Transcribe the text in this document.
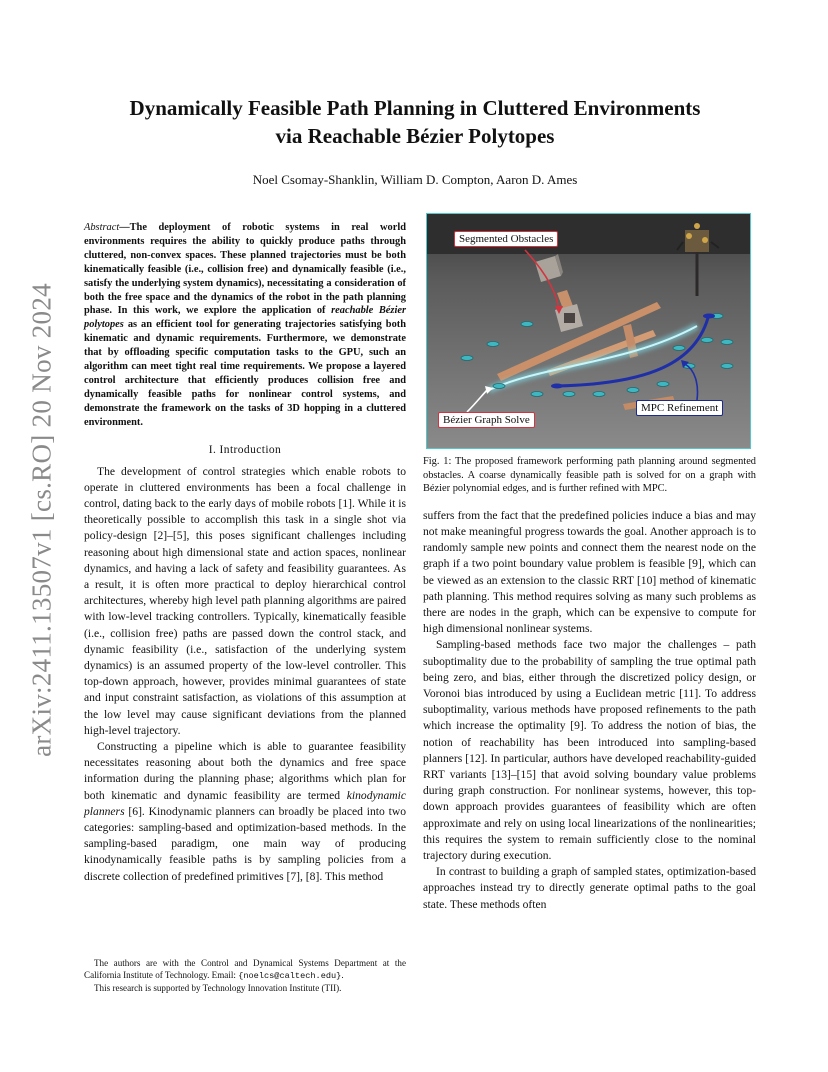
arXiv:2411.13507v1 [cs.RO] 20 Nov 2024
Dynamically Feasible Path Planning in Cluttered Environments
via Reachable Bézier Polytopes
Noel Csomay-Shanklin, William D. Compton, Aaron D. Ames

Abstract—The deployment of robotic systems in real world environments requires the ability to quickly produce paths through cluttered, non-convex spaces. These planned trajectories must be both kinematically feasible (i.e., collision free) and dynamically feasible (i.e., satisfy the underlying system dynamics), necessitating a consideration of both the free space and the dynamics of the robot in the path planning phase. In this work, we explore the application of reachable Bézier polytopes as an efficient tool for generating trajectories satisfying both kinematic and dynamic requirements. Furthermore, we demonstrate that by offloading specific computation tasks to the GPU, such an algorithm can meet tight real time requirements. We propose a layered control architecture that efficiently produces collision free and dynamically feasible paths for nonlinear control systems, and demonstrate the framework on the tasks of 3D hopping in a cluttered environment.

I. Introduction

The development of control strategies which enable robots to operate in cluttered environments has been a focal challenge in control, dating back to the early days of mobile robots [1]. While it is theoretically possible to accomplish this task in a single shot via policy-design [2]–[5], this poses significant challenges including reasoning about high dimensional state and action spaces, nonlinear dynamics, and having a lack of safety and feasibility guarantees. As a result, it is often more practical to deploy hierarchical control architectures, whereby high level path planning algorithms are paired with low-level tracking controllers. Typically, kinematically feasible (i.e., collision free) paths are passed down the control stack, and dynamic feasibility (i.e., satisfaction of the underlying system dynamics) is an assumed property of the low-level controller. This top-down approach, however, provides minimal guarantees of state and input constraint satisfaction, as violations of this assumption at the low level may cause significant deviations from the planned high-level trajectory.

Constructing a pipeline which is able to guarantee feasibility necessitates reasoning about both the dynamics and free space information during the planning phase; algorithms which plan for both kinematic and dynamic feasibility are termed kinodynamic planners [6]. Kinodynamic planners can broadly be placed into two categories: sampling-based and optimization-based methods. In the sampling-based paradigm, one main way of producing kinodynamically feasible paths is by sampling policies from a discrete collection of predefined primitives [7], [8]. This method

The authors are with the Control and Dynamical Systems Department at the California Institute of Technology. Email: {noelcs@caltech.edu}.

This research is supported by Technology Innovation Institute (TII).

Segmented Obstacles
Bézier Graph Solve
MPC Refinement

Fig. 1: The proposed framework performing path planning around segmented obstacles. A coarse dynamically feasible path is solved for on a graph with Bézier polynomial edges, and is further refined with MPC.

suffers from the fact that the predefined policies induce a bias and may not make meaningful progress towards the goal. Another approach is to randomly sample new points and connect them the nearest node on the graph if a two point boundary value problem is feasible [9], which can be viewed as an extension to the classic RRT [10] method of kinematic path planning. This method requires solving as many such problems as there are nodes in the graph, which can be expensive to compute for high dimensional nonlinear systems.

Sampling-based methods face two major the challenges – path suboptimality due to the probability of sampling the true optimal path being zero, and bias, either through the discretized policy design, or Voronoi bias introduced by using a Euclidean metric [11]. To address suboptimality, various methods have proposed refinements to the path which increase the optimality [9]. To address the notion of bias, the notion of reachability has been introduced into sampling-based planners [12]. In particular, authors have developed reachability-guided RRT variants [13]–[15] that avoid solving boundary value problems during graph construction. For nonlinear systems, however, this top-down approach provides guarantees of feasibility which are often approximate and rely on using local linearizations of the nonlinearities; this requires the system to remain sufficiently close to the nominal trajectory during execution.

In contrast to building a graph of sampled states, optimization-based approaches instead try to directly generate optimal paths to the goal state. These methods often
